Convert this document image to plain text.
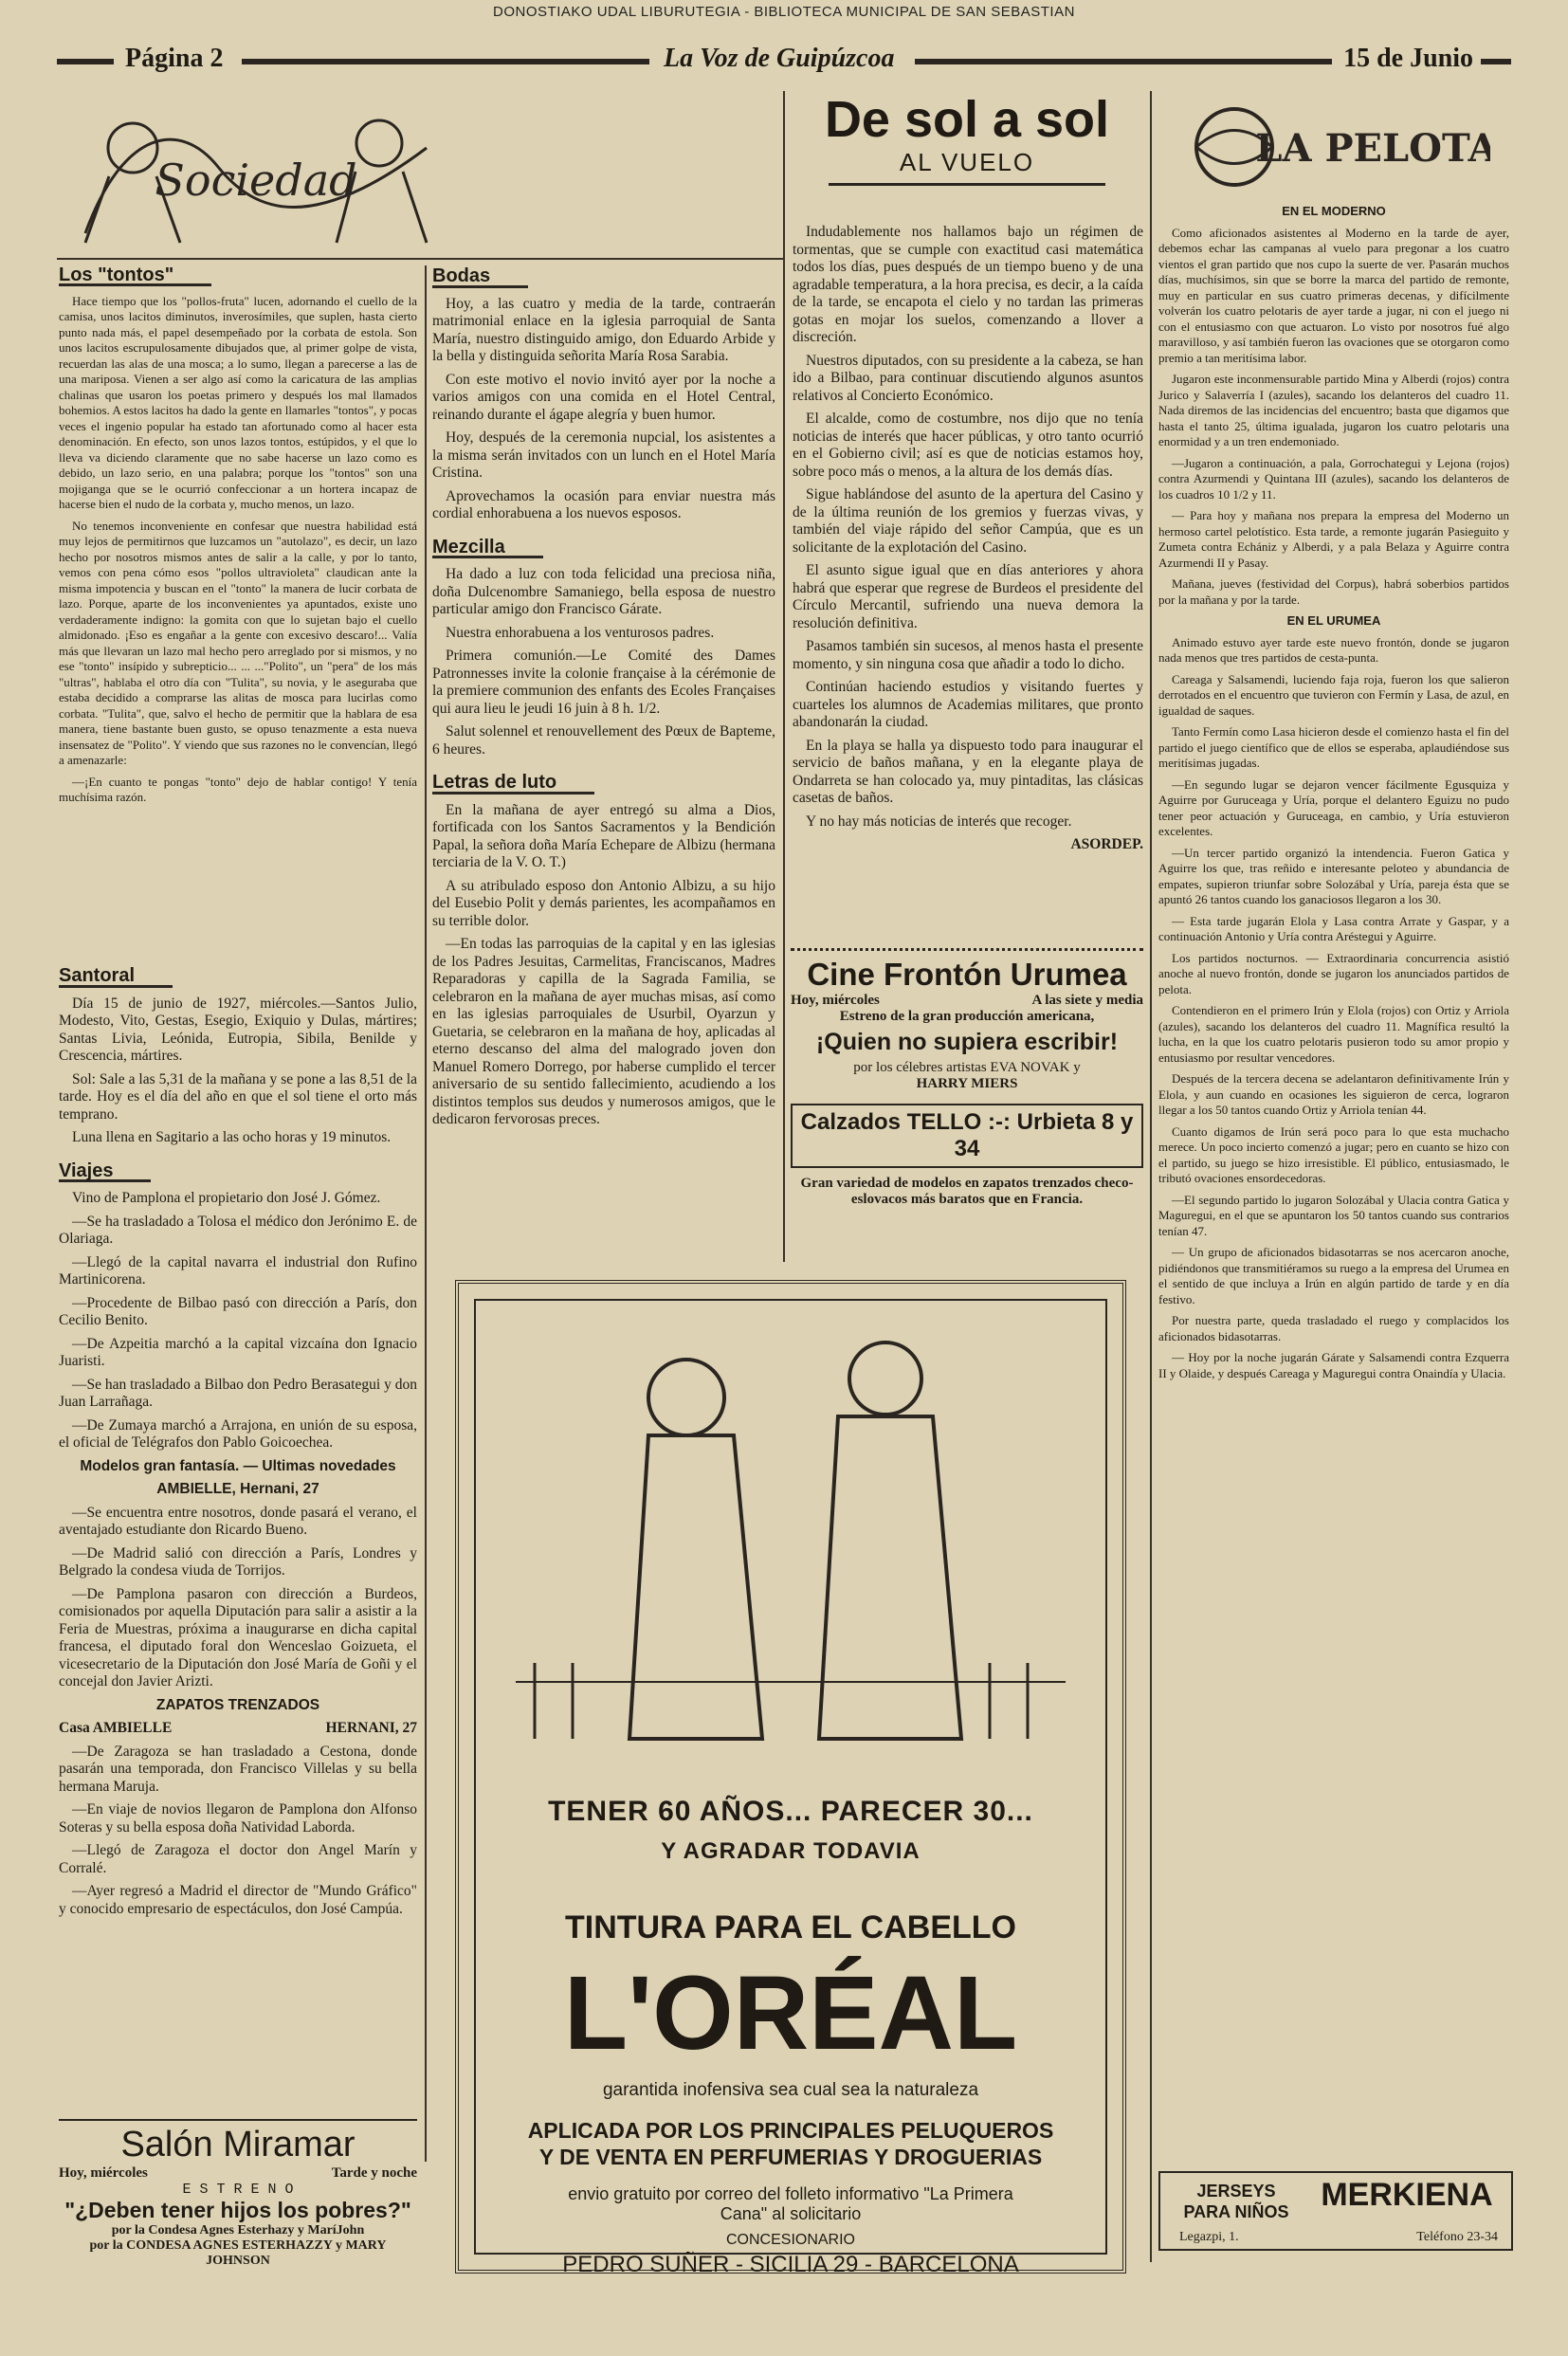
DONOSTIAKO UDAL LIBURUTEGIA - BIBLIOTECA MUNICIPAL DE SAN SEBASTIAN
Página 2	La Voz de Guipúzcoa	15 de Junio
Sociedad
Los "tontos"

Hace tiempo que los "pollos-fruta" lucen, adornando el cuello de la camisa, unos lacitos diminutos, inverosímiles, que suplen, hasta cierto punto nada más, el papel desempeñado por la corbata de estola. Son unos lacitos escrupulosamente dibujados que, al primer golpe de vista, recuerdan las alas de una mosca; a lo sumo, llegan a parecerse a las de una mariposa. Vienen a ser algo así como la caricatura de las amplias chalinas que usaron los poetas primero y después los mal llamados bohemios. A estos lacitos ha dado la gente en llamarles "tontos", y pocas veces el ingenio popular ha estado tan afortunado como al hacer esta denominación. En efecto, son unos lazos tontos, estúpidos, y el que lo lleva va diciendo claramente que no sabe hacerse un lazo como es debido, un lazo serio, en una palabra; porque los "tontos" son una mojiganga que se le ocurrió confeccionar a un hortera incapaz de hacerse bien el nudo de la corbata y, mucho menos, un lazo.

No tenemos inconveniente en confesar que nuestra habilidad está muy lejos de permitirnos que luzcamos un "autolazo", es decir, un lazo hecho por nosotros mismos antes de salir a la calle, y por lo tanto, vemos con pena cómo esos "pollos ultravioleta" claudican ante la misma impotencia y buscan en el "tonto" la manera de lucir corbata de lazo. Porque, aparte de los inconvenientes ya apuntados, existe uno verdaderamente indigno: la gomita con que lo sujetan bajo el cuello almidonado. ¡Eso es engañar a la gente con excesivo descaro!... Valía más que llevaran un lazo mal hecho pero arreglado por si mismos, y no ese "tonto" insípido y subrepticio... ... ..."Polito", un "pera" de los más "ultras", hablaba el otro día con "Tulita", su novia, y le aseguraba que estaba decidido a comprarse las alitas de mosca para lucirlas como corbata. "Tulita", que, salvo el hecho de permitir que la hablara de esa manera, tiene bastante buen gusto, se opuso tenazmente a esta nueva insensatez de "Polito". Y viendo que sus razones no le convencían, llegó a amenazarle:

—¡En cuanto te pongas "tonto" dejo de hablar contigo! Y tenía muchísima razón.

Santoral

Día 15 de junio de 1927, miércoles.—Santos Julio, Modesto, Vito, Gestas, Esegio, Exiquio y Dulas, mártires; Santas Livia, Leónida, Eutropia, Sibila, Benilde y Crescencia, mártires.

Sol: Sale a las 5,31 de la mañana y se pone a las 8,51 de la tarde. Hoy es el día del año en que el sol tiene el orto más temprano.

Luna llena en Sagitario a las ocho horas y 19 minutos.

Viajes

Vino de Pamplona el propietario don José J. Gómez.

—Se ha trasladado a Tolosa el médico don Jerónimo E. de Olariaga.

—Llegó de la capital navarra el industrial don Rufino Martinicorena.

—Procedente de Bilbao pasó con dirección a París, don Cecilio Benito.

—De Azpeitia marchó a la capital vizcaína don Ignacio Juaristi.

—Se han trasladado a Bilbao don Pedro Berasategui y don Juan Larrañaga.

—De Zumaya marchó a Arrajona, en unión de su esposa, el oficial de Telégrafos don Pablo Goicoechea.

Modelos gran fantasía. — Ultimas novedades

AMBIELLE, Hernani, 27

—Se encuentra entre nosotros, donde pasará el verano, el aventajado estudiante don Ricardo Bueno.

—De Madrid salió con dirección a París, Londres y Belgrado la condesa viuda de Torrijos.

—De Pamplona pasaron con dirección a Burdeos, comisionados por aquella Diputación para salir a asistir a la Feria de Muestras, próxima a inaugurarse en dicha capital francesa, el diputado foral don Wenceslao Goizueta, el vicesecretario de la Diputación don José María de Goñi y el concejal don Javier Arizti.

ZAPATOS TRENZADOS

Casa AMBIELLE	HERNANI, 27

—De Zaragoza se han trasladado a Cestona, donde pasarán una temporada, don Francisco Villelas y su bella hermana Maruja.

—En viaje de novios llegaron de Pamplona don Alfonso Soteras y su bella esposa doña Natividad Laborda.

—Llegó de Zaragoza el doctor don Angel Marín y Corralé.

—Ayer regresó a Madrid el director de "Mundo Gráfico" y conocido empresario de espectáculos, don José Campúa.

Salón Miramar
Hoy, miércoles	Tarde y noche
E S T R E N O
"¿Deben tener hijos los pobres?"
por la Condesa Agnes Esterhazy y MaríJohn
por la CONDESA AGNES ESTERHAZZY y MARY JOHNSON
Bodas

Hoy, a las cuatro y media de la tarde, contraerán matrimonial enlace en la iglesia parroquial de Santa María, nuestro distinguido amigo, don Eduardo Arbide y la bella y distinguida señorita María Rosa Sarabia.

Con este motivo el novio invitó ayer por la noche a varios amigos con una comida en el Hotel Central, reinando durante el ágape alegría y buen humor.

Hoy, después de la ceremonia nupcial, los asistentes a la misma serán invitados con un lunch en el Hotel María Cristina.

Aprovechamos la ocasión para enviar nuestra más cordial enhorabuena a los nuevos esposos.

Mezcilla

Ha dado a luz con toda felicidad una preciosa niña, doña Dulcenombre Samaniego, bella esposa de nuestro particular amigo don Francisco Gárate.

Nuestra enhorabuena a los venturosos padres.

Primera comunión.—Le Comité des Dames Patronnesses invite la colonie française à la cérémonie de la premiere communion des enfants des Ecoles Françaises qui aura lieu le jeudi 16 juin à 8 h. 1/2.

Salut solennel et renouvellement des Pœux de Bapteme, 6 heures.

Letras de luto

En la mañana de ayer entregó su alma a Dios, fortificada con los Santos Sacramentos y la Bendición Papal, la señora doña María Echepare de Albizu (hermana terciaria de la V. O. T.)

A su atribulado esposo don Antonio Albizu, a su hijo del Eusebio Polit y demás parientes, les acompañamos en su terrible dolor.

—En todas las parroquias de la capital y en las iglesias de los Padres Jesuitas, Carmelitas, Franciscanos, Madres Reparadoras y capilla de la Sagrada Familia, se celebraron en la mañana de ayer muchas misas, así como en las iglesias parroquiales de Usurbil, Oyarzun y Guetaria, se celebraron en la mañana de hoy, aplicadas al eterno descanso del alma del malogrado joven don Manuel Romero Dorrego, por haberse cumplido el tercer aniversario de su sentido fallecimiento, acudiendo a los distintos templos sus deudos y numerosos amigos, que le dedicaron fervorosas preces.

De sol a sol
AL VUELO

Indudablemente nos hallamos bajo un régimen de tormentas, que se cumple con exactitud casi matemática todos los días, pues después de un tiempo bueno y de una agradable temperatura, a la hora precisa, es decir, a la caída de la tarde, se encapota el cielo y no tardan las primeras gotas en mojar los suelos, comenzando a llover a discreción.

Nuestros diputados, con su presidente a la cabeza, se han ido a Bilbao, para continuar discutiendo algunos asuntos relativos al Concierto Económico.

El alcalde, como de costumbre, nos dijo que no tenía noticias de interés que hacer públicas, y otro tanto ocurrió en el Gobierno civil; así es que de noticias estamos hoy, sobre poco más o menos, a la altura de los demás días.

Sigue hablándose del asunto de la apertura del Casino y de la última reunión de los gremios y fuerzas vivas, y también del viaje rápido del señor Campúa, que es un solicitante de la explotación del Casino.

El asunto sigue igual que en días anteriores y ahora habrá que esperar que regrese de Burdeos el presidente del Círculo Mercantil, sufriendo una nueva demora la resolución definitiva.

Pasamos también sin sucesos, al menos hasta el presente momento, y sin ninguna cosa que añadir a todo lo dicho.

Continúan haciendo estudios y visitando fuertes y cuarteles los alumnos de Academias militares, que pronto abandonarán la ciudad.

En la playa se halla ya dispuesto todo para inaugurar el servicio de baños mañana, y en la elegante playa de Ondarreta se han colocado ya, muy pintaditas, las clásicas casetas de baños.

Y no hay más noticias de interés que recoger.

ASORDEP.
Cine Frontón Urumea
Hoy, miércoles	A las siete y media
Estreno de la gran producción americana,
¡Quien no supiera escribir!
por los célebres artistas EVA NOVAK y
HARRY MIERS
Calzados TELLO :-: Urbieta 8 y 34
Gran variedad de modelos en zapatos trenzados checo-eslovacos más baratos que en Francia.
LA PELOTA

EN EL MODERNO

Como aficionados asistentes al Moderno en la tarde de ayer, debemos echar las campanas al vuelo para pregonar a los cuatro vientos el gran partido que nos cupo la suerte de ver. Pasarán muchos días, muchísimos, sin que se borre la marca del partido de remonte, muy en particular en sus cuatro primeras decenas, y difícilmente volverán los cuatro pelotaris de ayer tarde a jugar, ni con el juego ni con el entusiasmo con que actuaron. Lo visto por nosotros fué algo maravilloso, y así también fueron las ovaciones que se otorgaron como premio a tan meritísima labor.

Jugaron este inconmensurable partido Mina y Alberdi (rojos) contra Jurico y Salaverría I (azules), sacando los delanteros del cuadro 11. Nada diremos de las incidencias del encuentro; basta que digamos que hasta el tanto 25, última igualada, jugaron los cuatro pelotaris una enormidad y a un tren endemoniado.

—Jugaron a continuación, a pala, Gorrochategui y Lejona (rojos) contra Azurmendi y Quintana III (azules), sacando los delanteros de los cuadros 10 1/2 y 11.

— Para hoy y mañana nos prepara la empresa del Moderno un hermoso cartel pelotístico. Esta tarde, a remonte jugarán Pasieguito y Zumeta contra Echániz y Alberdi, y a pala Belaza y Aguirre contra Azurmendi II y Pasay.

Mañana, jueves (festividad del Corpus), habrá soberbios partidos por la mañana y por la tarde.

EN EL URUMEA

Animado estuvo ayer tarde este nuevo frontón, donde se jugaron nada menos que tres partidos de cesta-punta.

Careaga y Salsamendi, luciendo faja roja, fueron los que salieron derrotados en el encuentro que tuvieron con Fermín y Lasa, de azul, en igualdad de saques.

Tanto Fermín como Lasa hicieron desde el comienzo hasta el fin del partido el juego científico que de ellos se esperaba, aplaudiéndose sus meritísimas jugadas.

—En segundo lugar se dejaron vencer fácilmente Egusquiza y Aguirre por Guruceaga y Uría, porque el delantero Eguizu no pudo tener peor actuación y Guruceaga, en cambio, y Uría estuvieron excelentes.

—Un tercer partido organizó la intendencia. Fueron Gatica y Aguirre los que, tras reñido e interesante peloteo y abundancia de empates, supieron triunfar sobre Solozábal y Uría, pareja ésta que se apuntó 26 tantos cuando los ganaciosos llegaron a los 30.

— Esta tarde jugarán Elola y Lasa contra Arrate y Gaspar, y a continuación Antonio y Uría contra Aréstegui y Aguirre.

Los partidos nocturnos. — Extraordinaria concurrencia asistió anoche al nuevo frontón, donde se jugaron los anunciados partidos de pelota.

Contendieron en el primero Irún y Elola (rojos) con Ortiz y Arriola (azules), sacando los delanteros del cuadro 11. Magnífica resultó la lucha, en la que los cuatro pelotaris pusieron todo su amor propio y entusiasmo por resultar vencedores.

Después de la tercera decena se adelantaron definitivamente Irún y Elola, y aun cuando en ocasiones les siguieron de cerca, lograron llegar a los 50 tantos cuando Ortiz y Arriola tenían 44.

Cuanto digamos de Irún será poco para lo que esta muchacho merece. Un poco incierto comenzó a jugar; pero en cuanto se hizo con el partido, su juego se hizo irresistible. El público, entusiasmado, le tributó ovaciones ensordecedoras.

—El segundo partido lo jugaron Solozábal y Ulacia contra Gatica y Maguregui, en el que se apuntaron los 50 tantos cuando sus contrarios tenían 47.

— Un grupo de aficionados bidasotarras se nos acercaron anoche, pidiéndonos que transmitiéramos su ruego a la empresa del Urumea en el sentido de que incluya a Irún en algún partido de tarde y en día festivo.

Por nuestra parte, queda trasladado el ruego y complacidos los aficionados bidasotarras.

— Hoy por la noche jugarán Gárate y Salsamendi contra Ezquerra II y Olaide, y después Careaga y Maguregui contra Onaindía y Ulacia.

JERSEYS
PARA NIÑOS MERKIENA
Legazpi, 1.	Teléfono 23-34
TENER 60 AÑOS... PARECER 30...
Y AGRADAR TODAVIA
TINTURA PARA EL CABELLO
L'ORÉAL
garantida inofensiva sea cual sea la naturaleza
APLICADA POR LOS PRINCIPALES PELUQUEROS
Y DE VENTA EN PERFUMERIAS Y DROGUERIAS
envio gratuito por correo del folleto informativo "La Primera Cana" al solicitario
CONCESIONARIO
PEDRO SUÑER - SICILIA 29 - BARCELONA
